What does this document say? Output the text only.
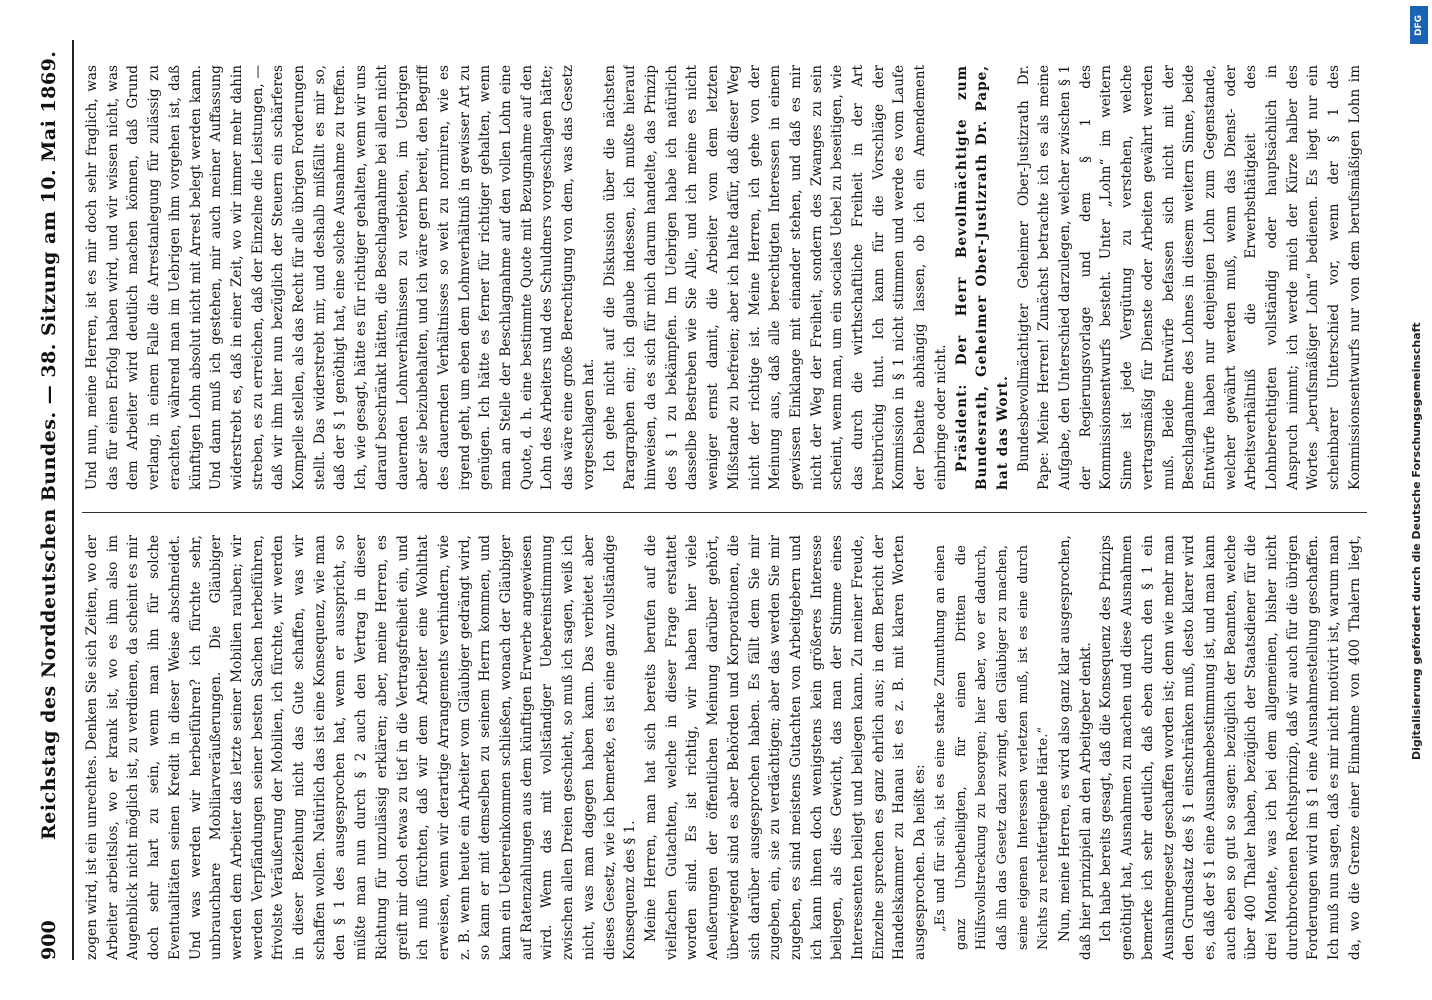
900
Reichstag des Norddeutschen Bundes. — 38. Sitzung am 10. Mai 1869. zogen wird, ist ein unrechtes. Denken Sie sich Zeiten, wo der Arbeiter arbeitslos, wo er krank ist, wo es ihm also im Augenblick nicht möglich ist, zu verdienen, da scheint es mir doch sehr hart zu sein, wenn man ihn für solche Eventualitäten seinen Kredit in dieser Weise abschneidet. Und was werden wir herbeiführen? ich fürchte sehr, unbrauchbare Mobiliarveräußerungen. Die Gläubiger werden dem Arbeiter das letzte seiner Mobilien rauben; wir werden Verpfändungen seiner besten Sachen herbeiführen, frivolste Veräußerung der Mobilien, ich fürchte, wir werden in dieser Beziehung nicht das Gute schaffen, was wir schaffen wollen. Natürlich das ist eine Konsequenz, wie man den § 1 des ausgesprochen hat, wenn er ausspricht, so müßte man nun durch § 2 auch den Vertrag in dieser Richtung für unzulässig erklären; aber, meine Herren, es greift mir doch etwas zu tief in die Vertragsfreiheit ein, und ich muß fürchten, daß wir dem Arbeiter eine Wohlthat erweisen, wenn wir derartige Arrangements verhindern, wie z. B. wenn heute ein Arbeiter vom Gläubiger gedrängt wird, so kann er mit demselben zu seinem Herrn kommen, und kann ein Uebereinkommen schließen, wonach der Gläubiger auf Ratenzahlungen aus dem künftigen Erwerbe angewiesen wird. Wenn das mit vollständiger Uebereinstimmung zwischen allen Dreien geschieht, so muß ich sagen, weiß ich nicht, was man dagegen haben kann. Das verbietet aber dieses Gesetz, wie ich bemerke, es ist eine ganz vollständige Konsequenz des § 1. Meine Herren, man hat sich bereits berufen auf die vielfachen Gutachten, welche in dieser Frage erstattet worden sind. Es ist richtig, wir haben hier viele Aeußerungen der öffentlichen Meinung darüber gehört, überwiegend sind es aber Behörden und Korporationen, die sich darüber ausgesprochen haben. Es fällt dem Sie mir zugeben, ein, sie zu verdächtigen; aber das werden Sie mir zugeben, es sind meistens Gutachten von Arbeitgebern und ich kann ihnen doch wenigstens kein größeres Interesse beilegen, als dies Gewicht, das man der Stimme eines Interessenten beilegt und beilegen kann. Zu meiner Freude, Einzelne sprechen es ganz ehrlich aus; in dem Bericht der Handelskammer zu Hanau ist es z. B. mit klaren Worten ausgesprochen. Da heißt es: „Es und für sich, ist es eine starke Zumuthung an einen ganz Unbetheiligten, für einen Dritten die Hülfsvollstreckung zu besorgen; hier aber, wo er dadurch, daß ihn das Gesetz dazu zwingt, den Gläubiger zu machen, seine eigenen Interessen verletzen muß, ist es eine durch Nichts zu rechtfertigende Härte.“ Nun, meine Herren, es wird also ganz klar ausgesprochen, daß hier prinzipiell an den Arbeitgeber denkt. Ich habe bereits gesagt, daß die Konsequenz des Prinzips genöthigt hat, Ausnahmen zu machen und diese Ausnahmen bemerke ich sehr deutlich, daß eben durch den § 1 ein Ausnahmegesetz geschaffen worden ist; denn wie mehr man den Grundsatz des § 1 einschränken muß, desto klarer wird es, daß der § 1 eine Ausnahmebestimmung ist, und man kann auch eben so gut so sagen: bezüglich der Beamten, welche über 400 Thaler haben, bezüglich der Staatsdiener für die drei Monate, was ich bei dem allgemeinen, bisher nicht durchbrochenen Rechtsprinzip, daß wir auch für die übrigen Forderungen wird im § 1 eine Ausnahmestellung geschaffen. Ich muß nun sagen, daß es mir nicht motivirt ist, warum man da, wo die Grenze einer Einnahme von 400 Thalern liegt,

Und nun, meine Herren, ist es mir doch sehr fraglich, was das für einen Erfolg haben wird, und wir wissen nicht, was dem Arbeiter wird deutlich machen können, daß Grund verlang, in einem Falle die Arrestanlegung für zulässig zu erachten, während man im Uebrigen ihm vorgehen ist, daß künftigen Lohn absolut nicht mit Arrest belegt werden kann. Und dann muß ich gestehen, mir auch meiner Auffassung widerstrebt es, daß in einer Zeit, wo wir immer mehr dahin streben, es zu erreichen, daß der Einzelne die Leistungen, — daß wir ihm hier nun bezüglich der Steuern ein schärferes Kompelle stellen, als das Recht für alle übrigen Forderungen stellt. Das widerstrebt mir, und deshalb mißfällt es mir so, daß der § 1 genöthigt hat, eine solche Ausnahme zu treffen. Ich, wie gesagt, hätte es für richtiger gehalten, wenn wir uns darauf beschränkt hätten, die Beschlagnahme bei allen nicht dauernden Lohnverhältnissen zu verbieten, im Uebrigen aber sie beizubehalten, und ich wäre gern bereit, den Begriff des dauernden Verhältnisses so weit zu normiren, wie es irgend geht, um eben dem Lohnverhältniß in gewisser Art zu genügen. Ich hätte es ferner für richtiger gehalten, wenn man an Stelle der Beschlagnahme auf den vollen Lohn eine Quote, d. h. eine bestimmte Quote mit Bezugnahme auf den Lohn des Arbeiters und des Schuldners vorgeschlagen hätte; das wäre eine große Berechtigung von dem, was das Gesetz vorgeschlagen hat. Ich gehe nicht auf die Diskussion über die nächsten Paragraphen ein; ich glaube indessen, ich mußte hierauf hinweisen, da es sich für mich darum handelte, das Prinzip des § 1 zu bekämpfen. Im Uebrigen habe ich natürlich dasselbe Bestreben wie Sie Alle, und ich meine es nicht weniger ernst damit, die Arbeiter vom dem letzten Mißstande zu befreien; aber ich halte dafür, daß dieser Weg nicht der richtige ist. Meine Herren, ich gehe von der Meinung aus, daß alle berechtigten Interessen in einem gewissen Einklange mit einander stehen, und daß es mir nicht der Weg der Freiheit, sondern des Zwanges zu sein scheint, wenn man, um ein sociales Uebel zu beseitigen, wie das durch die wirthschaftliche Freiheit in der Art breitbrüchig thut. Ich kann für die Vorschläge der Kommission in § 1 nicht stimmen und werde es vom Laufe der Debatte abhängig lassen, ob ich ein Amendement einbringe oder nicht. Präsident: Der Herr Bevollmächtigte zum Bundesrath, Geheimer Ober-Justizrath Dr. Pape, hat das Wort. Bundesbevollmächtigter Geheimer Ober-Justizrath Dr. Pape: Meine Herren! Zunächst betrachte ich es als meine Aufgabe, den Unterschied darzulegen, welcher zwischen § 1 der Regierungsvorlage und dem § 1 des Kommissionsentwurfs besteht. Unter „Lohn“ im weitern Sinne ist jede Vergütung zu verstehen, welche vertragsmäßig für Dienste oder Arbeiten gewährt werden muß. Beide Entwürfe befassen sich nicht mit der Beschlagnahme des Lohnes in diesem weitern Sinne, beide Entwürfe haben nur denjenigen Lohn zum Gegenstande, welcher gewährt werden muß, wenn das Dienst- oder Arbeitsverhältniß die Erwerbsthätigkeit des Lohnberechtigten vollständig oder hauptsächlich in Anspruch nimmt; ich werde mich der Kürze halber des Wortes „berufsmäßiger Lohn“ bedienen. Es liegt nur ein scheinbarer Unterschied vor, wenn der § 1 des Kommissionsentwurfs nur von dem berufsmäßigen Lohn im

DFG
Digitalisierung gefördert durch die Deutsche Forschungsgemeinschaft
